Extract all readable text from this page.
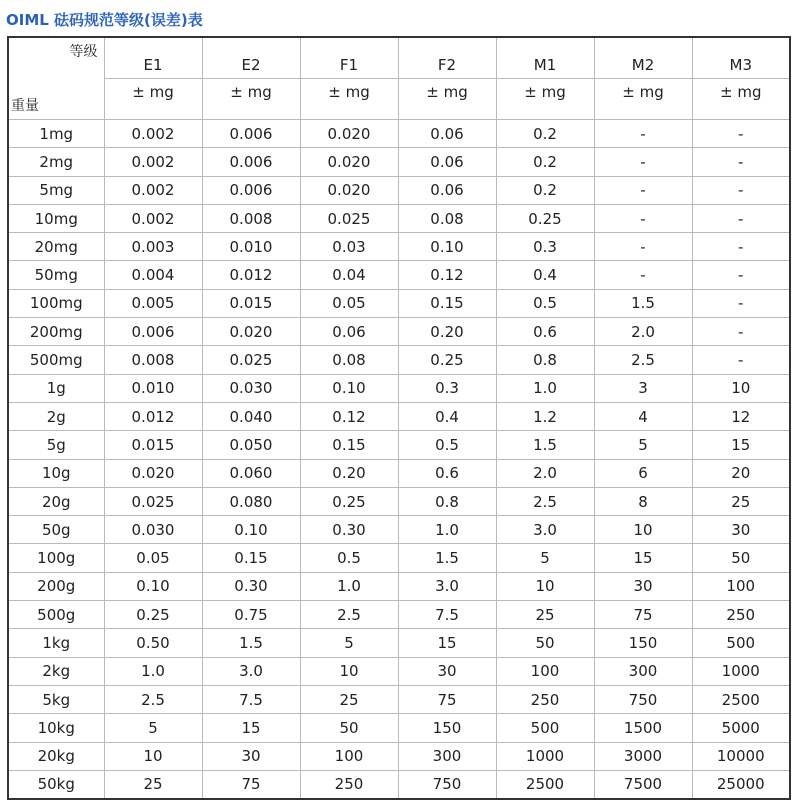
OIML 砝码规范等级(误差)表
等级
重量	E1	E2	F1	F2	M1	M2	M3
	± mg	± mg	± mg	± mg	± mg	± mg	± mg
1mg	0.002	0.006	0.020	0.06	0.2	-	-
2mg	0.002	0.006	0.020	0.06	0.2	-	-
5mg	0.002	0.006	0.020	0.06	0.2	-	-
10mg	0.002	0.008	0.025	0.08	0.25	-	-
20mg	0.003	0.010	0.03	0.10	0.3	-	-
50mg	0.004	0.012	0.04	0.12	0.4	-	-
100mg	0.005	0.015	0.05	0.15	0.5	1.5	-
200mg	0.006	0.020	0.06	0.20	0.6	2.0	-
500mg	0.008	0.025	0.08	0.25	0.8	2.5	-
1g	0.010	0.030	0.10	0.3	1.0	3	10
2g	0.012	0.040	0.12	0.4	1.2	4	12
5g	0.015	0.050	0.15	0.5	1.5	5	15
10g	0.020	0.060	0.20	0.6	2.0	6	20
20g	0.025	0.080	0.25	0.8	2.5	8	25
50g	0.030	0.10	0.30	1.0	3.0	10	30
100g	0.05	0.15	0.5	1.5	5	15	50
200g	0.10	0.30	1.0	3.0	10	30	100
500g	0.25	0.75	2.5	7.5	25	75	250
1kg	0.50	1.5	5	15	50	150	500
2kg	1.0	3.0	10	30	100	300	1000
5kg	2.5	7.5	25	75	250	750	2500
10kg	5	15	50	150	500	1500	5000
20kg	10	30	100	300	1000	3000	10000
50kg	25	75	250	750	2500	7500	25000
